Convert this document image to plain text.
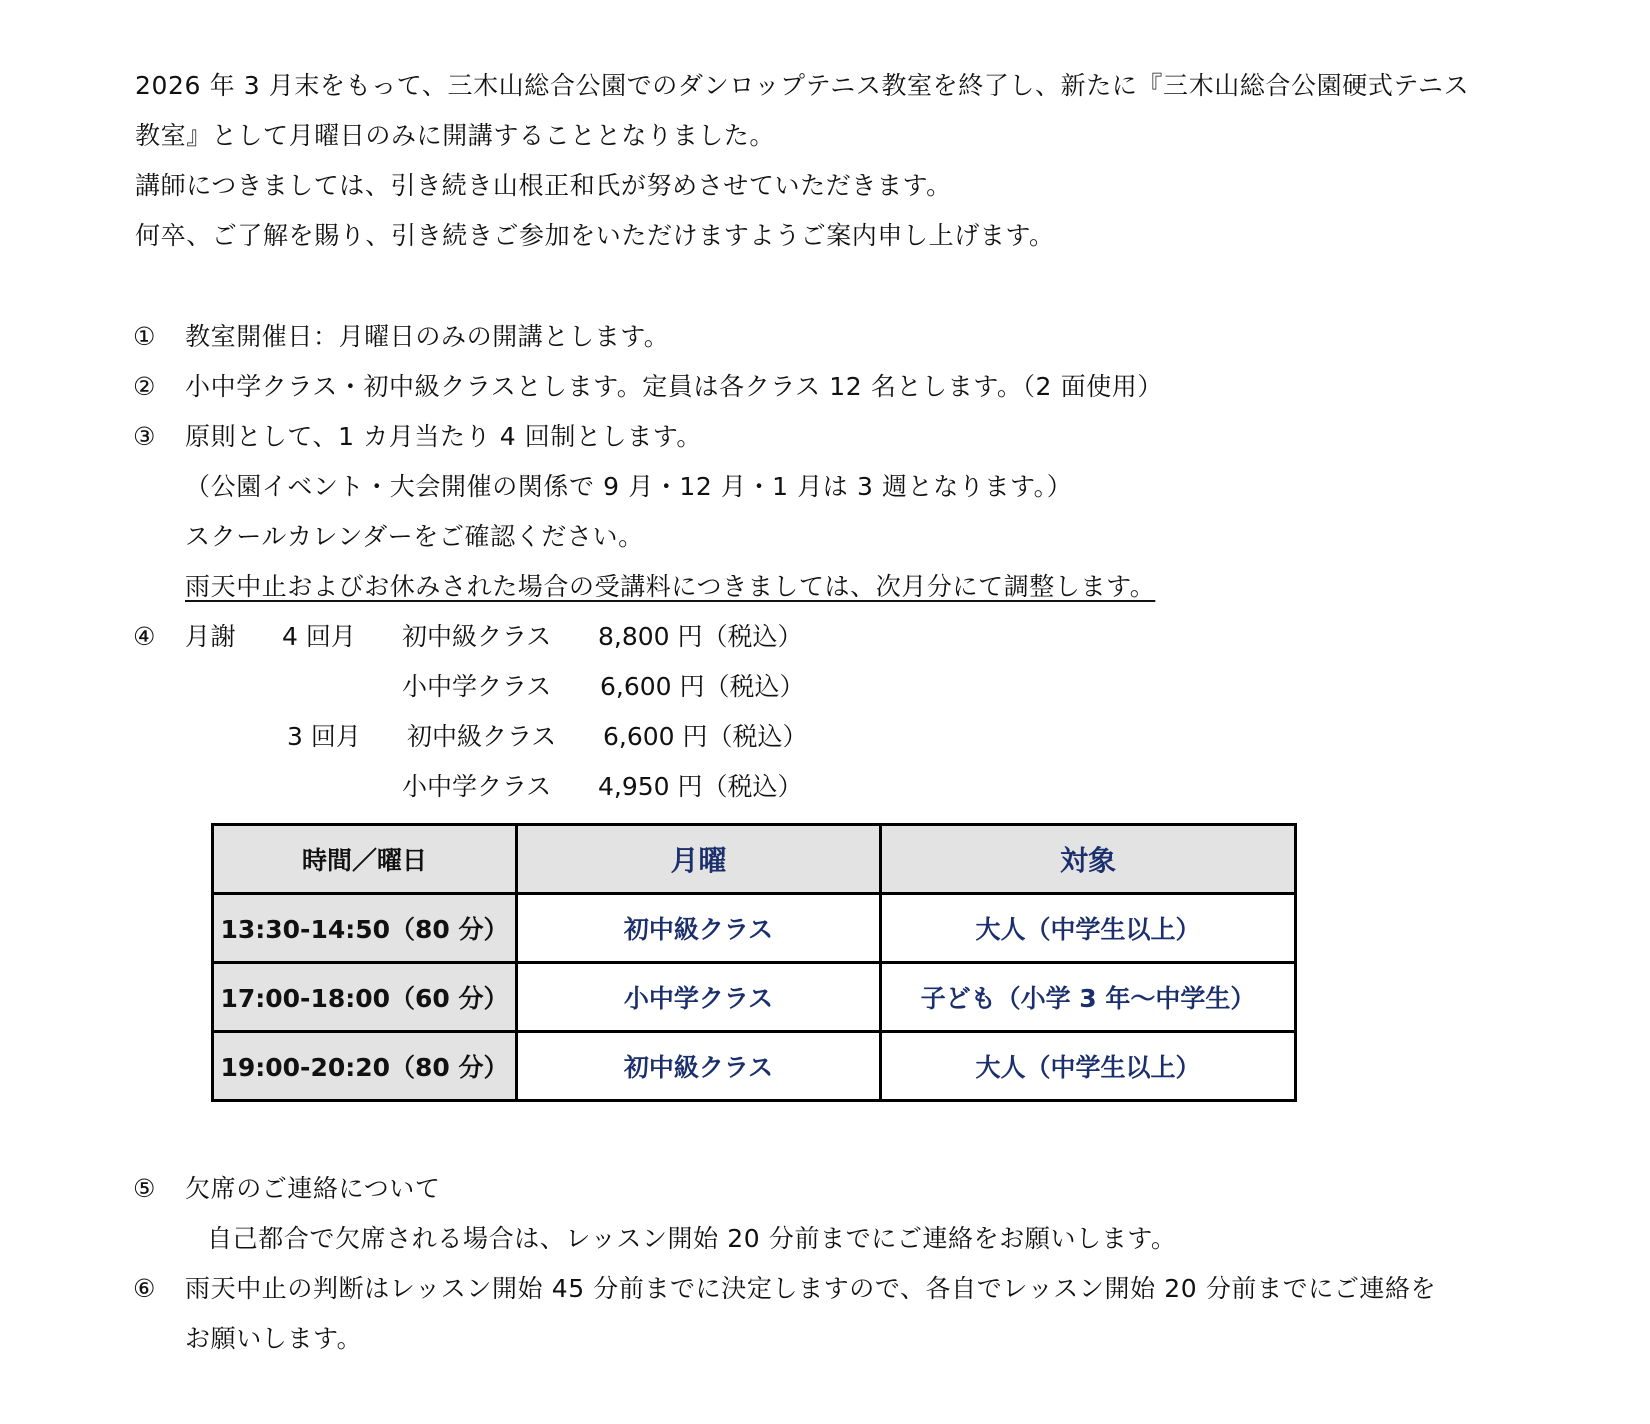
2026 年 3 月末をもって、三木山総合公園でのダンロップテニス教室を終了し、新たに『三木山総合公園硬式テニス
教室』として月曜日のみに開講することとなりました。
講師につきましては、引き続き山根正和氏が努めさせていただきます。
何卒、ご了解を賜り、引き続きご参加をいただけますようご案内申し上げます。
① 教室開催日：月曜日のみの開講とします。
② 小中学クラス・初中級クラスとします。定員は各クラス 12 名とします。（2 面使用）
③ 原則として、1 カ月当たり 4 回制とします。
（公園イベント・大会開催の関係で 9 月・12 月・1 月は 3 週となります。）
スクールカレンダーをご確認ください。
雨天中止およびお休みされた場合の受講料につきましては、次月分にて調整します。
④ 月謝 4 回月 初中級クラス 8,800 円（税込）
小中学クラス 6,600 円（税込）
3 回月 初中級クラス 6,600 円（税込）
小中学クラス 4,950 円（税込）
時間／曜日	月曜	対象
13:30-14:50（80 分）	初中級クラス	大人（中学生以上）
17:00-18:00（60 分）	小中学クラス	子ども（小学 3 年～中学生）
19:00-20:20（80 分）	初中級クラス	大人（中学生以上）
⑤ 欠席のご連絡について
自己都合で欠席される場合は、レッスン開始 20 分前までにご連絡をお願いします。
⑥ 雨天中止の判断はレッスン開始 45 分前までに決定しますので、各自でレッスン開始 20 分前までにご連絡を
お願いします。
